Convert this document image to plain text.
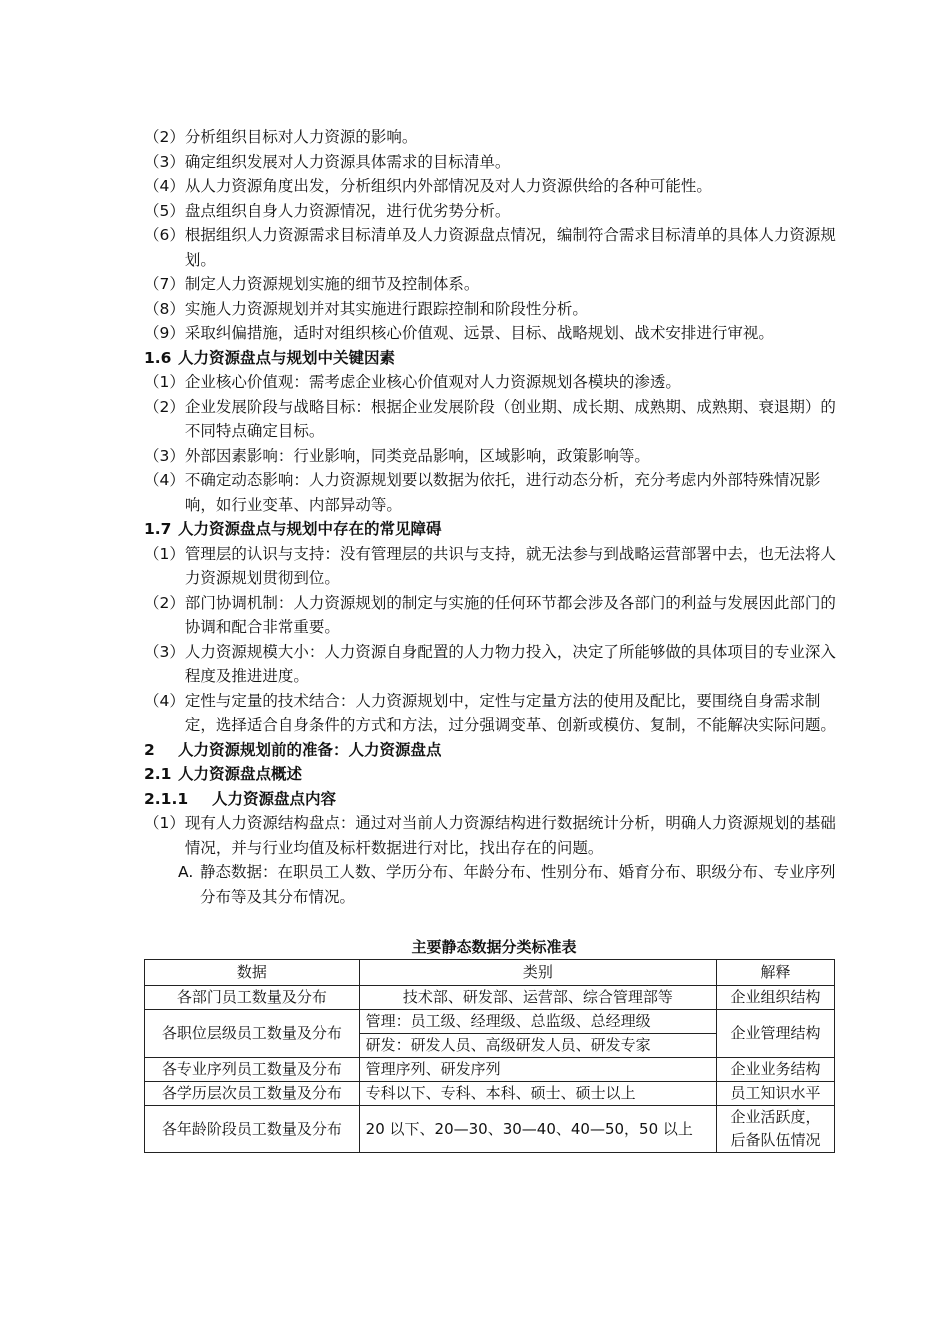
（2） 分析组织目标对人力资源的影响。
（3） 确定组织发展对人力资源具体需求的目标清单。
（4） 从人力资源角度出发，分析组织内外部情况及对人力资源供给的各种可能性。
（5） 盘点组织自身人力资源情况，进行优劣势分析。
（6） 根据组织人力资源需求目标清单及人力资源盘点情况，编制符合需求目标清单的具体人力资源规划。
（7） 制定人力资源规划实施的细节及控制体系。
（8） 实施人力资源规划并对其实施进行跟踪控制和阶段性分析。
（9） 采取纠偏措施，适时对组织核心价值观、远景、目标、战略规划、战术安排进行审视。
1.6 人力资源盘点与规划中关键因素
（1） 企业核心价值观：需考虑企业核心价值观对人力资源规划各模块的渗透。
（2） 企业发展阶段与战略目标：根据企业发展阶段（创业期、成长期、成熟期、成熟期、衰退期）的不同特点确定目标。
（3） 外部因素影响：行业影响，同类竞品影响，区域影响，政策影响等。
（4） 不确定动态影响：人力资源规划要以数据为依托，进行动态分析，充分考虑内外部特殊情况影响，如行业变革、内部异动等。
1.7 人力资源盘点与规划中存在的常见障碍
（1） 管理层的认识与支持：没有管理层的共识与支持，就无法参与到战略运营部署中去，也无法将人力资源规划贯彻到位。
（2） 部门协调机制：人力资源规划的制定与实施的任何环节都会涉及各部门的利益与发展因此部门的协调和配合非常重要。
（3） 人力资源规模大小：人力资源自身配置的人力物力投入，决定了所能够做的具体项目的专业深入程度及推进进度。
（4） 定性与定量的技术结合：人力资源规划中，定性与定量方法的使用及配比，要围绕自身需求制定，选择适合自身条件的方式和方法，过分强调变革、创新或模仿、复制，不能解决实际问题。
2	人力资源规划前的准备：人力资源盘点
2.1 人力资源盘点概述
2.1.1	人力资源盘点内容
（1） 现有人力资源结构盘点：通过对当前人力资源结构进行数据统计分析，明确人力资源规划的基础情况，并与行业均值及标杆数据进行对比，找出存在的问题。
A. 静态数据：在职员工人数、学历分布、年龄分布、性别分布、婚育分布、职级分布、专业序列分布等及其分布情况。
主要静态数据分类标准表
数据	类别	解释
各部门员工数量及分布	技术部、研发部、运营部、综合管理部等	企业组织结构
各职位层级员工数量及分布	管理：员工级、经理级、总监级、总经理级	企业管理结构
	研发：研发人员、高级研发人员、研发专家	
各专业序列员工数量及分布	管理序列、研发序列	企业业务结构
各学历层次员工数量及分布	专科以下、专科、本科、硕士、硕士以上	员工知识水平
各年龄阶段员工数量及分布	20 以下、20—30、30—40、40—50，50 以上	企业活跃度，
后备队伍情况
